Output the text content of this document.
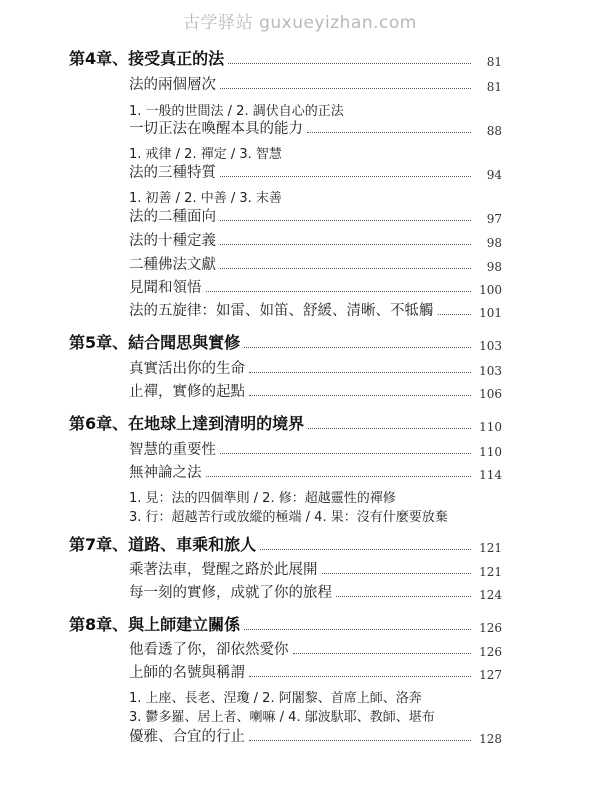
古学驿站 guxueyizhan.com
第4章、接受真正的法	81
法的兩個層次	81
1. 一般的世間法 / 2. 調伏自心的正法
一切正法在喚醒本具的能力	88
1. 戒律 / 2. 禪定 / 3. 智慧
法的三種特質	94
1. 初善 / 2. 中善 / 3. 末善
法的二種面向	97
法的十種定義	98
二種佛法文獻	98
見聞和領悟	100
法的五旋律：如雷、如笛、舒緩、清晰、不牴觸	101
第5章、結合聞思與實修	103
真實活出你的生命	103
止禪，實修的起點	106
第6章、在地球上達到清明的境界	110
智慧的重要性	110
無神論之法	114
1. 見：法的四個準則 / 2. 修：超越靈性的禪修
3. 行：超越苦行或放縱的極端 / 4. 果：沒有什麼要放棄
第7章、道路、車乘和旅人	121
乘著法車，覺醒之路於此展開	121
每一刻的實修，成就了你的旅程	124
第8章、與上師建立關係	126
他看透了你，卻依然愛你	126
上師的名號與稱謂	127
1. 上座、長老、涅瓊 / 2. 阿闍黎、首席上師、洛奔
3. 鬱多羅、居上者、喇嘛 / 4. 鄔波馱耶、教師、堪布
優雅、合宜的行止	128
